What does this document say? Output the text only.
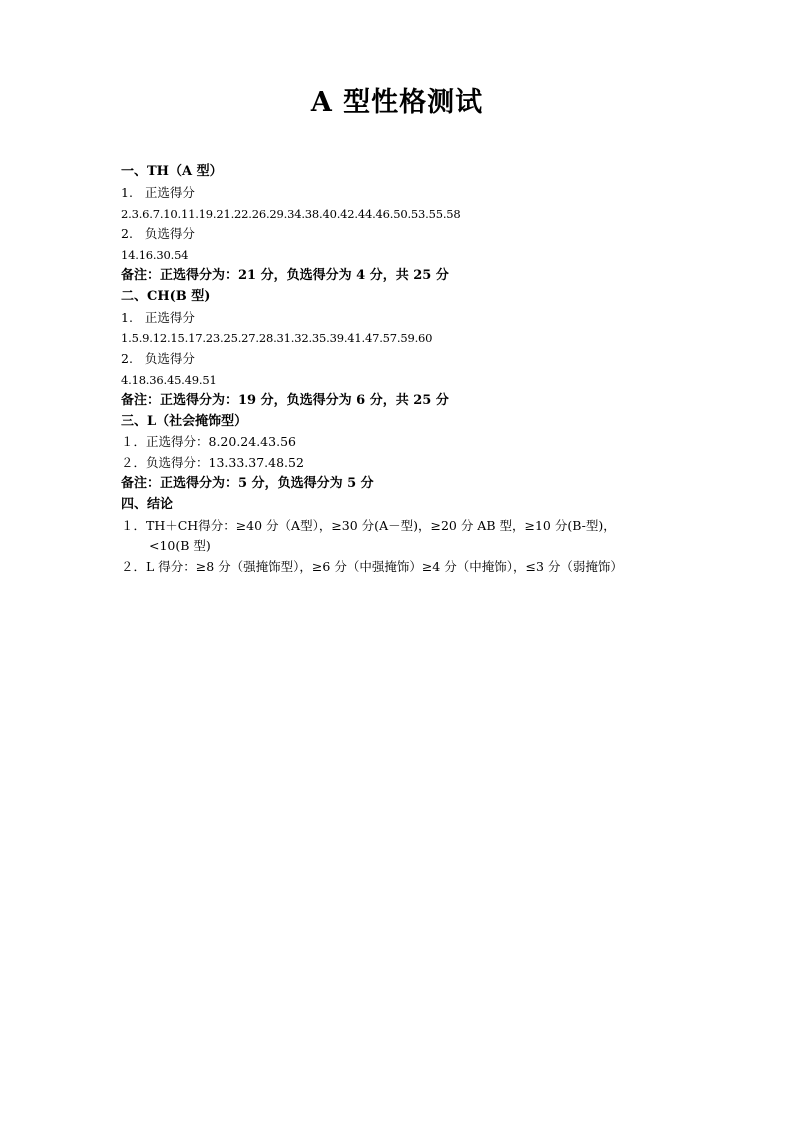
A 型性格测试
一、TH（A 型）
1.   正选得分
2.3.6.7.10.11.19.21.22.26.29.34.38.40.42.44.46.50.53.55.58
2.   负选得分
14.16.30.54
备注：正选得分为：21 分，负选得分为 4 分，共 25 分
二、CH(B 型)
1.   正选得分
1.5.9.12.15.17.23.25.27.28.31.32.35.39.41.47.57.59.60
2.   负选得分
4.18.36.45.49.51
备注：正选得分为：19 分，负选得分为 6 分，共 25 分
三、L（社会掩饰型）
１．正选得分：8.20.24.43.56
２．负选得分：13.33.37.48.52
备注：正选得分为：5 分，负选得分为 5 分
四、结论
１．TH＋CH得分：≥40 分（A型），≥30 分(A－型)，≥20 分 AB 型，≥10 分(B-型)，
<10(B 型)
２．L 得分：≥8 分（强掩饰型），≥6 分（中强掩饰）≥4 分（中掩饰），≤3 分（弱掩饰）
